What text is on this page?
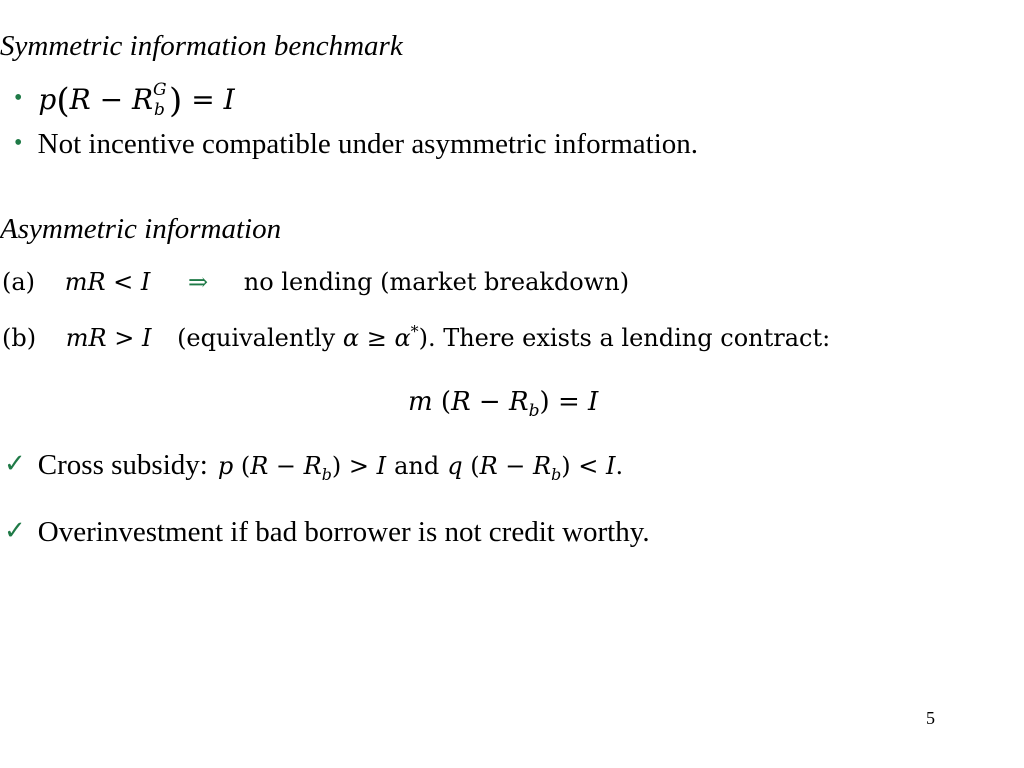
Symmetric information benchmark
• p(R − R G
b ) = I
• Not incentive compatible under asymmetric information.
Asymmetric information
(a) mR < I ⇒ no lending (market breakdown)
(b) mR > I (equivalently α ≥ α*). There exists a lending contract:
m $(R - R_b) = I$
✓ Cross subsidy: p $(R - R_b) > I$ and q $(R - R_b) < I$.
✓ Overinvestment if bad borrower is not credit worthy.
5
